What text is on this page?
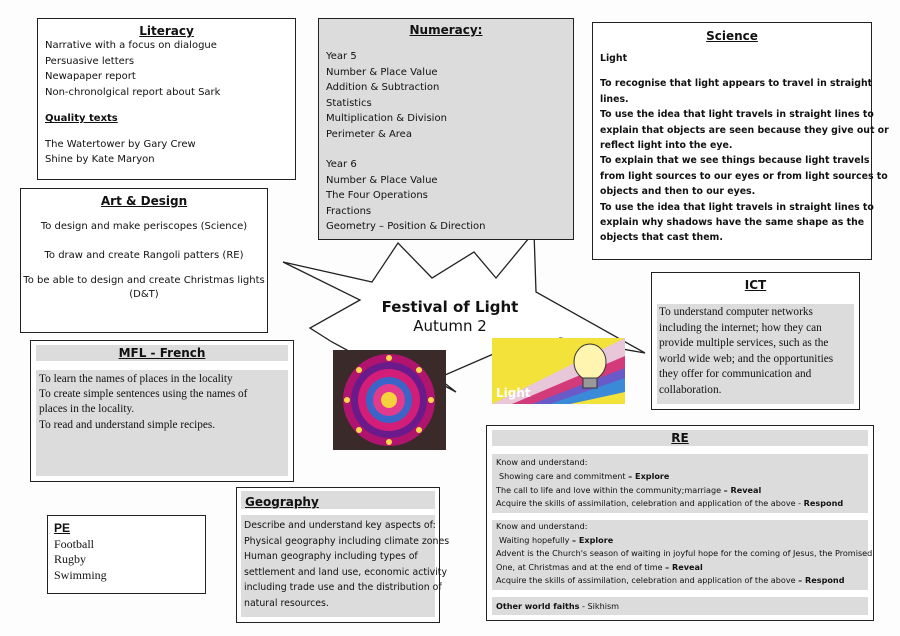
Literacy
Narrative with a focus on dialogue
Persuasive letters
Newapaper report
Non-chronolgical report about Sark
Quality texts
The Watertower by Gary Crew
Shine by Kate Maryon
Numeracy:
Year 5
Number & Place Value
Addition & Subtraction
Statistics
Multiplication & Division
Perimeter & Area
Year 6
Number & Place Value
The Four Operations
Fractions
Geometry – Position & Direction
Science
Light
To recognise that light appears to travel in straight
lines.
To use the idea that light travels in straight lines to
explain that objects are seen because they give out or
reflect light into the eye.
To explain that we see things because light travels
from light sources to our eyes or from light sources to
objects and then to our eyes.
To use the idea that light travels in straight lines to
explain why shadows have the same shape as the
objects that cast them.
Art & Design
To design and make periscopes (Science)
To draw and create Rangoli patters (RE)
To be able to design and create Christmas lights
(D&T)
Festival of Light
Autumn 2
Light
ICT
To understand computer networks
including the internet; how they can
provide multiple services, such as the
world wide web; and the opportunities
they offer for communication and
collaboration.
MFL - French
To learn the names of places in the locality
To create simple sentences using the names of
places in the locality.
To read and understand simple recipes.
RE
Know and understand:
Showing care and commitment – Explore
The call to life and love within the community;marriage – Reveal
Acquire the skills of assimilation, celebration and application of the above - Respond
Know and understand:
Waiting hopefully – Explore
Advent is the Church's season of waiting in joyful hope for the coming of Jesus, the Promised
One, at Christmas and at the end of time – Reveal
Acquire the skills of assimilation, celebration and application of the above – Respond
Other world faiths - Sikhism
Geography
Describe and understand key aspects of:
Physical geography including climate zones
Human geography including types of
settlement and land use, economic activity
including trade use and the distribution of
natural resources.
PE
Football
Rugby
Swimming
